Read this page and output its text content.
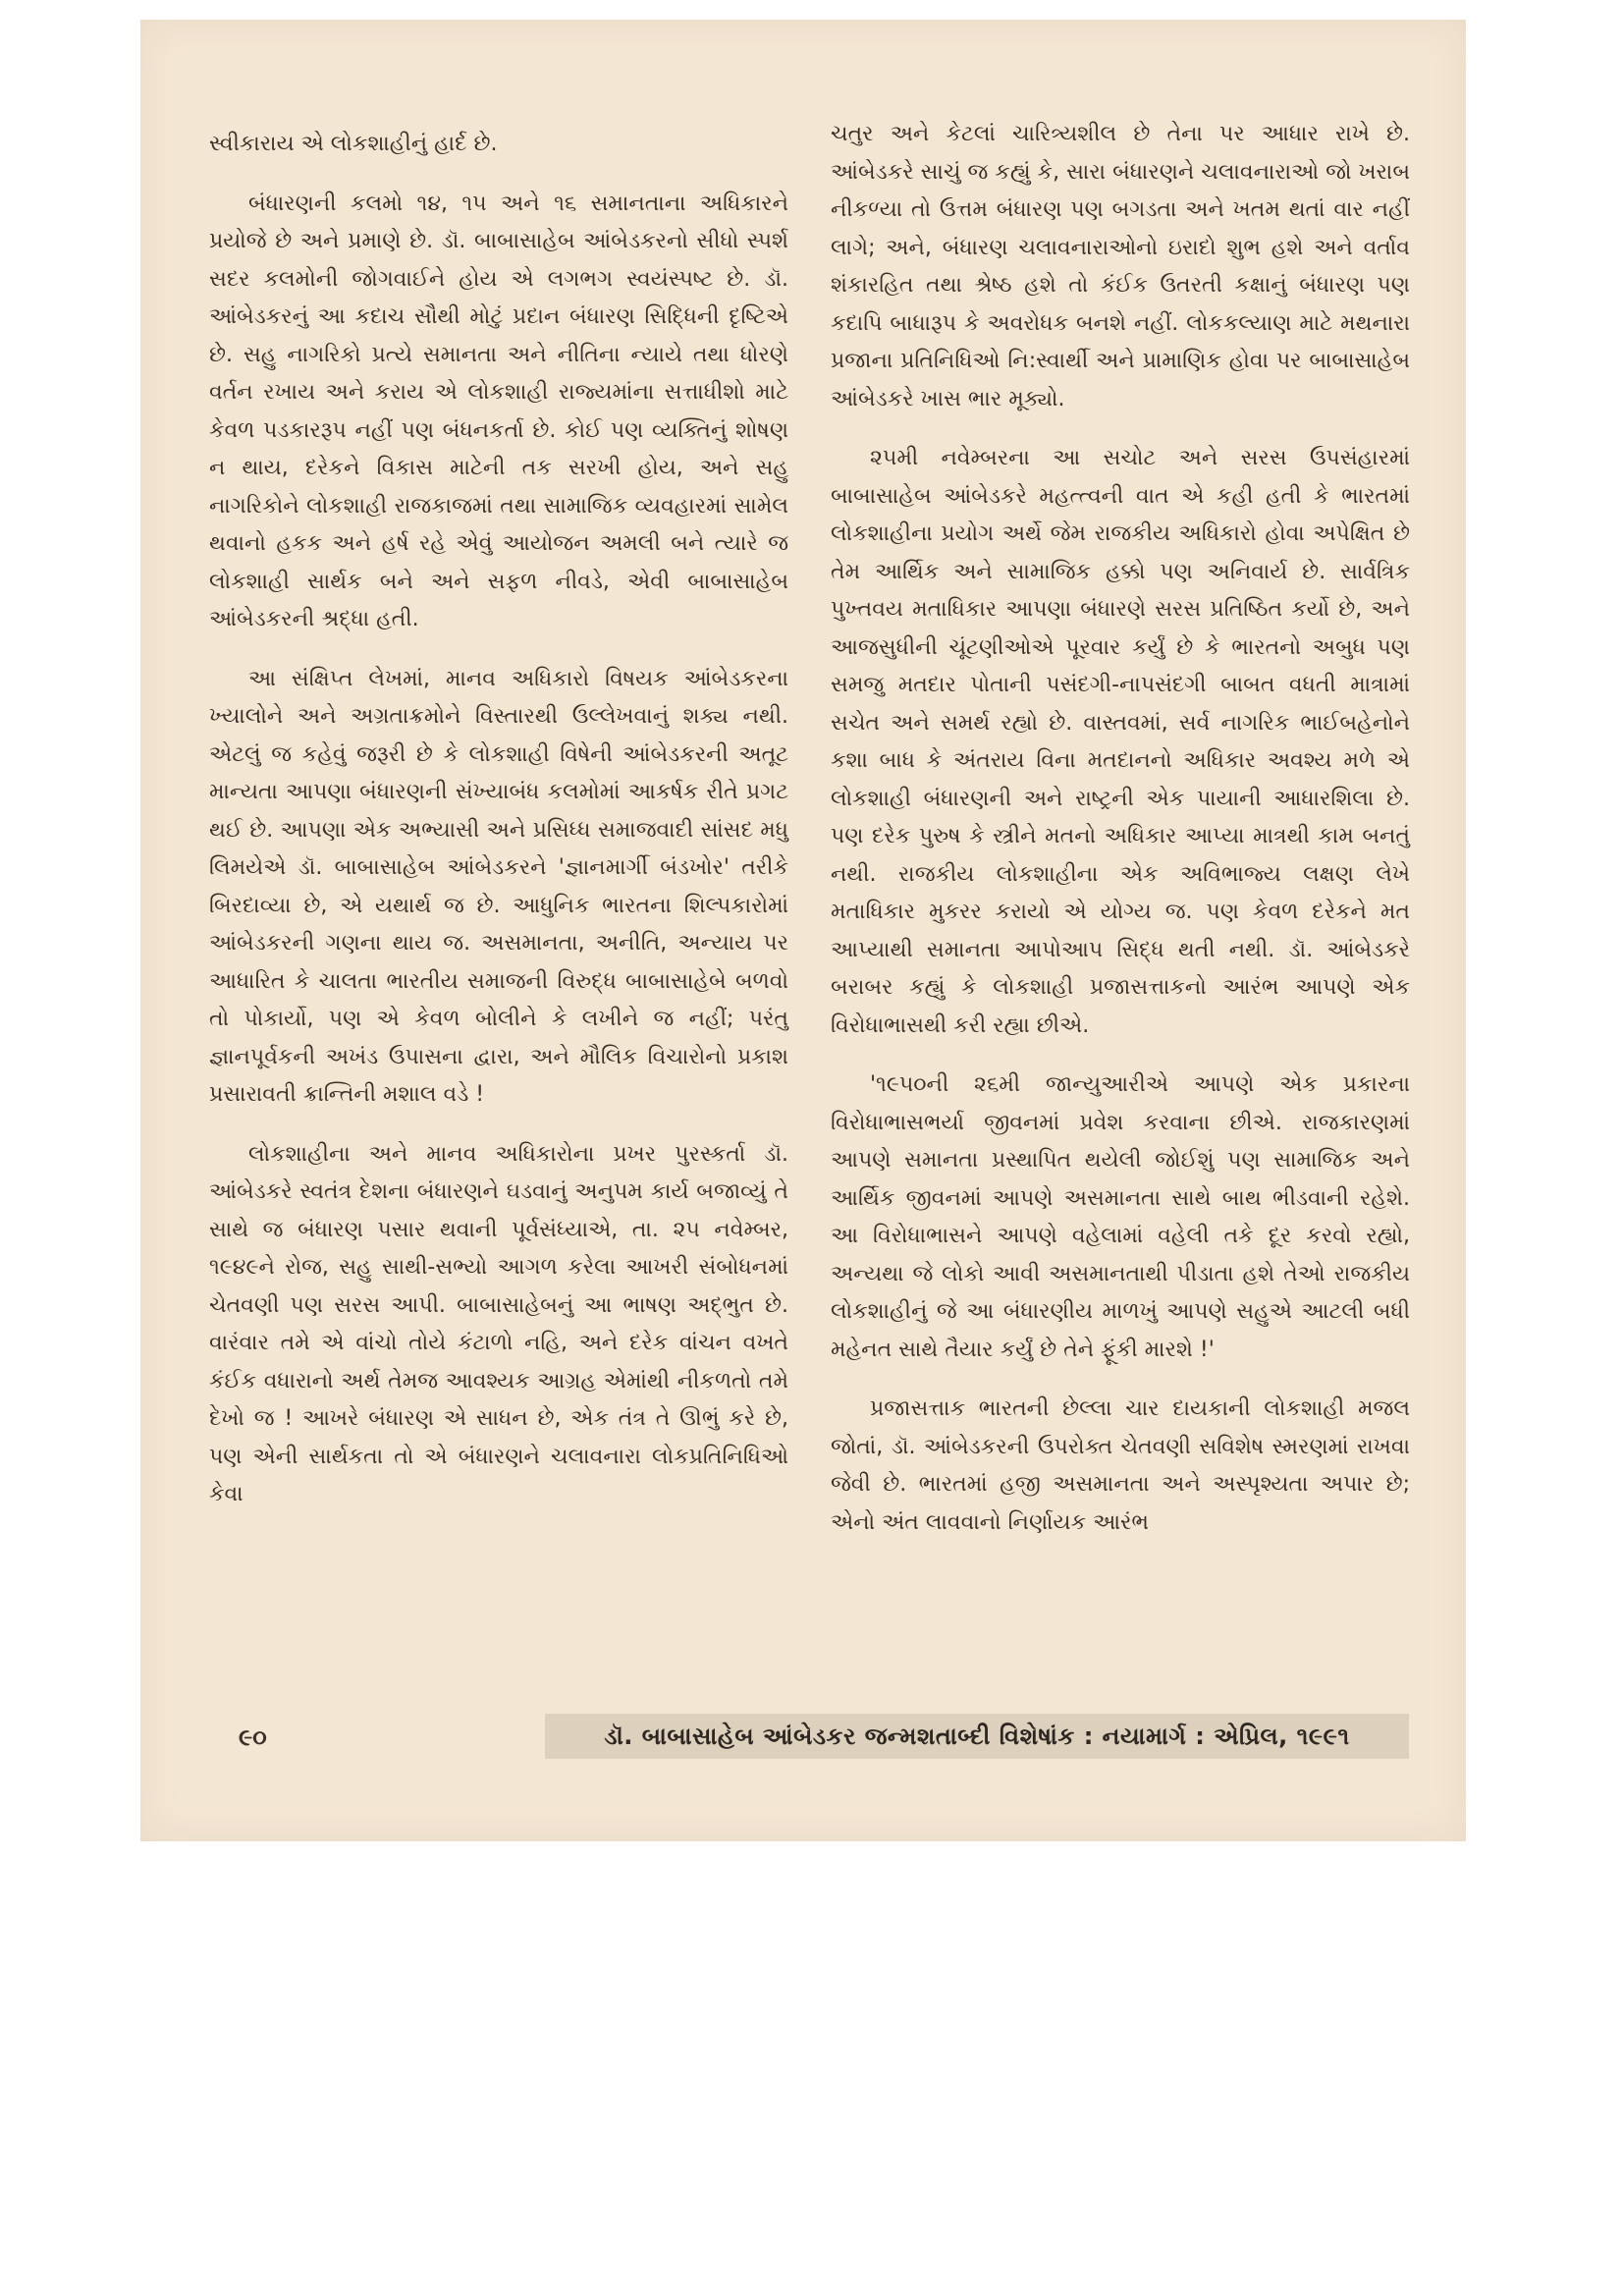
સ્વીકારાય એ લોકશાહીનું હાર્દ છે.

બંધારણની કલમો ૧૪, ૧૫ અને ૧૬ સમાનતાના અધિકારને પ્રયોજે છે અને પ્રમાણે છે. ડૉ. બાબાસાહેબ આંબેડકરનો સીધો સ્પર્શ સદર કલમોની જોગવાઈને હોય એ લગભગ સ્વયંસ્પષ્ટ છે. ડૉ. આંબેડકરનું આ કદાચ સૌથી મોટું પ્રદાન બંધારણ સિદ્ધિની દૃષ્ટિએ છે. સહુ નાગરિકો પ્રત્યે સમાનતા અને નીતિના ન્યાયે તથા ધોરણે વર્તન રખાય અને કરાય એ લોકશાહી રાજ્યમાંના સત્તાધીશો માટે કેવળ પડકારરૂપ નહીં પણ બંધનકર્તા છે. કોઈ પણ વ્યક્તિનું શોષણ ન થાય, દરેકને વિકાસ માટેની તક સરખી હોય, અને સહુ નાગરિકોને લોકશાહી રાજકાજમાં તથા સામાજિક વ્યવહારમાં સામેલ થવાનો હકક અને હર્ષ રહે એવું આયોજન અમલી બને ત્યારે જ લોકશાહી સાર્થક બને અને સફળ નીવડે, એવી બાબાસાહેબ આંબેડકરની શ્રદ્ધા હતી.

આ સંક્ષિપ્ત લેખમાં, માનવ અધિકારો વિષયક આંબેડકરના ખ્યાલોને અને અગ્રતાક્રમોને વિસ્તારથી ઉલ્લેખવાનું શક્ય નથી. એટલું જ કહેવું જરૂરી છે કે લોકશાહી વિષેની આંબેડકરની અતૂટ માન્યતા આપણા બંધારણની સંખ્યાબંધ કલમોમાં આકર્ષક રીતે પ્રગટ થઈ છે. આપણા એક અભ્યાસી અને પ્રસિધ્ધ સમાજવાદી સાંસદ મધુ લિમયેએ ડૉ. બાબાસાહેબ આંબેડકરને 'જ્ઞાનમાર્ગી બંડખોર' તરીકે બિરદાવ્યા છે, એ યથાર્થ જ છે. આધુનિક ભારતના શિલ્પકારોમાં આંબેડકરની ગણના થાય જ. અસમાનતા, અનીતિ, અન્યાય પર આધારિત કે ચાલતા ભારતીય સમાજની વિરુદ્ધ બાબાસાહેબે બળવો તો પોકાર્યો, પણ એ કેવળ બોલીને કે લખીને જ નહીં; પરંતુ જ્ઞાનપૂર્વકની અખંડ ઉપાસના દ્વારા, અને મૌલિક વિચારોનો પ્રકાશ પ્રસારાવતી ક્રાન્તિની મશાલ વડે !

લોકશાહીના અને માનવ અધિકારોના પ્રખર પુરસ્કર્તા ડૉ. આંબેડકરે સ્વતંત્ર દેશના બંધારણને ઘડવાનું અનુપમ કાર્ય બજાવ્યું તે સાથે જ બંધારણ પસાર થવાની પૂર્વસંધ્યાએ, તા. ૨૫ નવેમ્બર, ૧૯૪૯ને રોજ, સહુ સાથી-સભ્યો આગળ કરેલા આખરી સંબોધનમાં ચેતવણી પણ સરસ આપી. બાબાસાહેબનું આ ભાષણ અદ્ભુત છે. વારંવાર તમે એ વાંચો તોયે કંટાળો નહિ, અને દરેક વાંચન વખતે કંઈક વધારાનો અર્થ તેમજ આવશ્યક આગ્રહ એમાંથી નીકળતો તમે દેખો જ ! આખરે બંધારણ એ સાધન છે, એક તંત્ર તે ઊભું કરે છે, પણ એની સાર્થકતા તો એ બંધારણને ચલાવનારા લોકપ્રતિનિધિઓ કેવા

ચતુર અને કેટલાં ચારિત્ર્યશીલ છે તેના પર આધાર રાખે છે. આંબેડકરે સાચું જ કહ્યું કે, સારા બંધારણને ચલાવનારાઓ જો ખરાબ નીકળ્યા તો ઉત્તમ બંધારણ પણ બગડતા અને ખતમ થતાં વાર નહીં લાગે; અને, બંધારણ ચલાવનારાઓનો ઇરાદો શુભ હશે અને વર્તાવ શંકારહિત તથા શ્રેષ્ઠ હશે તો કંઈક ઉતરતી કક્ષાનું બંધારણ પણ કદાપિ બાધારૂપ કે અવરોધક બનશે નહીં. લોકકલ્યાણ માટે મથનારા પ્રજાના પ્રતિનિધિઓ નિ:સ્વાર્થી અને પ્રામાણિક હોવા પર બાબાસાહેબ આંબેડકરે ખાસ ભાર મૂક્યો.

૨૫મી નવેમ્બરના આ સચોટ અને સરસ ઉપસંહારમાં બાબાસાહેબ આંબેડકરે મહત્ત્વની વાત એ કહી હતી કે ભારતમાં લોકશાહીના પ્રયોગ અર્થે જેમ રાજકીય અધિકારો હોવા અપેક્ષિત છે તેમ આર્થિક અને સામાજિક હક્કો પણ અનિવાર્ય છે. સાર્વત્રિક પુખ્તવય મતાધિકાર આપણા બંધારણે સરસ પ્રતિષ્ઠિત કર્યો છે, અને આજસુધીની ચૂંટણીઓએ પૂરવાર કર્યું છે કે ભારતનો અબુધ પણ સમજુ મતદાર પોતાની પસંદગી-નાપસંદગી બાબત વધતી માત્રામાં સચેત અને સમર્થ રહ્યો છે. વાસ્તવમાં, સર્વ નાગરિક ભાઈબહેનોને કશા બાધ કે અંતરાય વિના મતદાનનો અધિકાર અવશ્ય મળે એ લોકશાહી બંધારણની અને રાષ્ટ્રની એક પાયાની આધારશિલા છે. પણ દરેક પુરુષ કે સ્ત્રીને મતનો અધિકાર આપ્યા માત્રથી કામ બનતું નથી. રાજકીય લોકશાહીના એક અવિભાજ્ય લક્ષણ લેખે મતાધિકાર મુકરર કરાયો એ યોગ્ય જ. પણ કેવળ દરેકને મત આપ્યાથી સમાનતા આપોઆપ સિદ્ધ થતી નથી. ડૉ. આંબેડકરે બરાબર કહ્યું કે લોકશાહી પ્રજાસત્તાકનો આરંભ આપણે એક વિરોધાભાસથી કરી રહ્યા છીએ.

'૧૯૫૦ની ૨૬મી જાન્યુઆરીએ આપણે એક પ્રકારના વિરોધાભાસભર્યા જીવનમાં પ્રવેશ કરવાના છીએ. રાજકારણમાં આપણે સમાનતા પ્રસ્થાપિત થયેલી જોઈશું પણ સામાજિક અને આર્થિક જીવનમાં આપણે અસમાનતા સાથે બાથ ભીડવાની રહેશે. આ વિરોધાભાસને આપણે વહેલામાં વહેલી તકે દૂર કરવો રહ્યો, અન્યથા જે લોકો આવી અસમાનતાથી પીડાતા હશે તેઓ રાજકીય લોકશાહીનું જે આ બંધારણીય માળખું આપણે સહુએ આટલી બધી મહેનત સાથે તૈયાર કર્યું છે તેને ફૂંકી મારશે !'

પ્રજાસત્તાક ભારતની છેલ્લા ચાર દાયકાની લોકશાહી મજલ જોતાં, ડૉ. આંબેડકરની ઉપરોક્ત ચેતવણી સવિશેષ સ્મરણમાં રાખવા જેવી છે. ભારતમાં હજી અસમાનતા અને અસ્પૃશ્યતા અપાર છે; એનો અંત લાવવાનો નિર્ણાયક આરંભ

૯૦	ડૉ. બાબાસાહેબ આંબેડકર જન્મશતાબ્દી વિશેષાંક : નયામાર્ગ : એપ્રિલ, ૧૯૯૧
